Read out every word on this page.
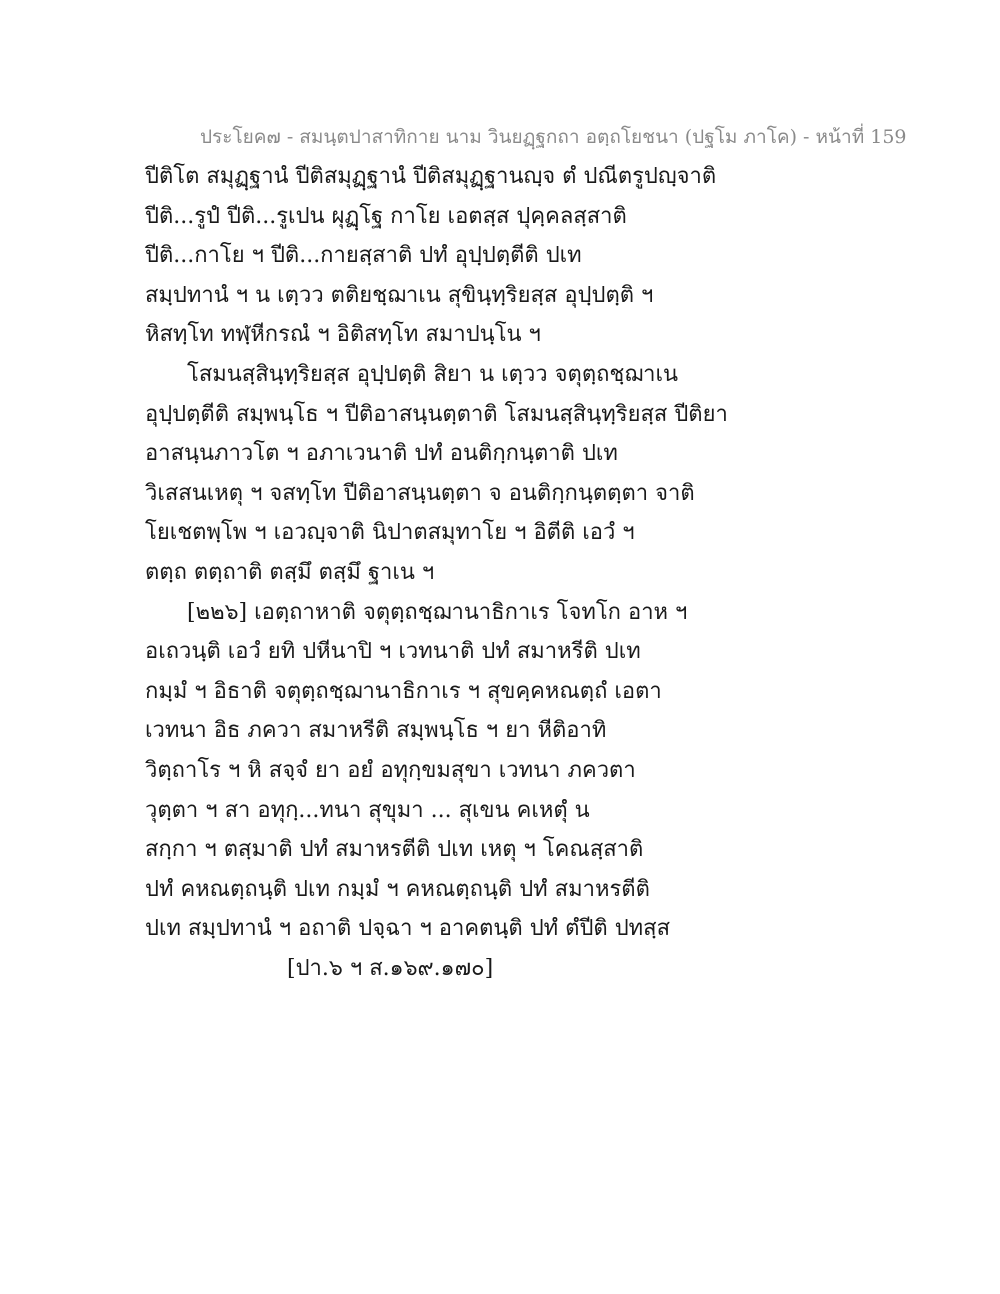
ประโยค๗ - สมนฺตปาสาทิกาย นาม วินยฏฺฐกถา อตฺถโยชนา (ปฐโม ภาโค) - หน้าที่ 159
ปีติโต สมุฏฺฐานํ ปีติสมุฏฺฐานํ ปีติสมุฏฺฐานญฺจ ตํ ปณีตรูปญฺจาติ
ปีติ...รูปํ ปีติ...รูเปน ผุฏฺโฐ กาโย เอตสฺส ปุคฺคลสฺสาติ
ปีติ...กาโย ฯ ปีติ...กายสฺสาติ ปทํ อุปฺปตฺตีติ ปเท
สมฺปทานํ ฯ น เตฺวว ตติยชฺฌาเน สุขินฺทฺริยสฺส อุปฺปตฺติ ฯ
หิสทฺโท ทฬฺหีกรณํ ฯ อิติสทฺโท สมาปนฺโน ฯ
โสมนสฺสินฺทฺริยสฺส อุปฺปตฺติ สิยา น เตฺวว จตุตฺถชฺฌาเน
อุปฺปตฺตีติ สมฺพนฺโธ ฯ ปีติอาสนฺนตฺตาติ โสมนสฺสินฺทฺริยสฺส ปีติยา
อาสนฺนภาวโต ฯ อภาเวนาติ ปทํ อนติกฺกนฺตาติ ปเท
วิเสสนเหตุ ฯ จสทฺโท ปีติอาสนฺนตฺตา จ อนติกฺกนฺตตฺตา จาติ
โยเชตพฺโพ ฯ เอวญฺจาติ นิปาตสมุทาโย ฯ อิตีติ เอวํ ฯ
ตตฺถ ตตฺถาติ ตสฺมึ ตสฺมึ ฐาเน ฯ
[๒๒๖] เอตฺถาหาติ จตุตฺถชฺฌานาธิกาเร โจทโก อาห ฯ
อเถวนฺติ เอวํ ยทิ ปหีนาปิ ฯ เวทนาติ ปทํ สมาหรีติ ปเท
กมฺมํ ฯ อิธาติ จตุตฺถชฺฌานาธิกาเร ฯ สุขคฺคหณตฺถํ เอตา
เวทนา อิธ ภควา สมาหรีติ สมฺพนฺโธ ฯ ยา หีติอาทิ
วิตฺถาโร ฯ หิ สจฺจํ ยา อยํ อทุกฺขมสุขา เวทนา ภควตา
วุตฺตา ฯ สา อทุกฺ...ทนา สุขุมา ... สุเขน คเหตุํ น
สกฺกา ฯ ตสฺมาติ ปทํ สมาหรตีติ ปเท เหตุ ฯ โคณสฺสาติ
ปทํ คหณตฺถนฺติ ปเท กมฺมํ ฯ คหณตฺถนฺติ ปทํ สมาหรตีติ
ปเท สมฺปทานํ ฯ อถาติ ปจฺฉา ฯ อาคตนฺติ ปทํ ตํปีติ ปทสฺส
[ปา.๖ ฯ ส.๑๖๙.๑๗๐]
